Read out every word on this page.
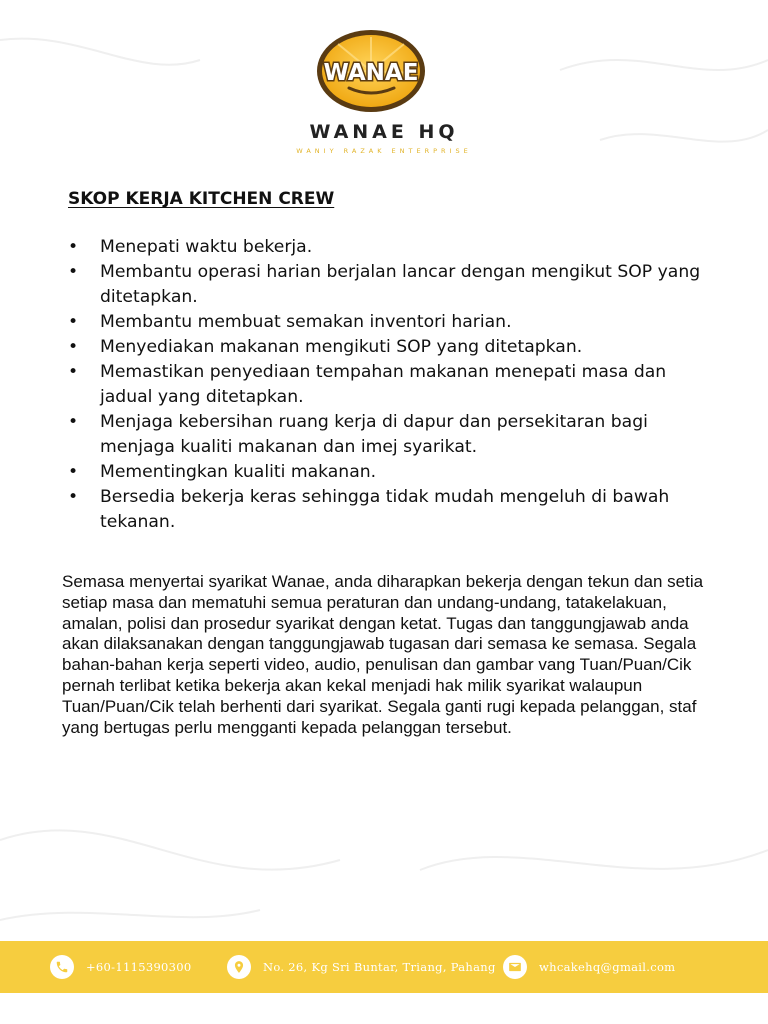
WANAE
WANAE HQ
WANIY RAZAK ENTERPRISE
SKOP KERJA KITCHEN CREW
• Menepati waktu bekerja.
• Membantu operasi harian berjalan lancar dengan mengikut SOP yang ditetapkan.
• Membantu membuat semakan inventori harian.
• Menyediakan makanan mengikuti SOP yang ditetapkan.
• Memastikan penyediaan tempahan makanan menepati masa dan jadual yang ditetapkan.
• Menjaga kebersihan ruang kerja di dapur dan persekitaran bagi menjaga kualiti makanan dan imej syarikat.
• Mementingkan kualiti makanan.
• Bersedia bekerja keras sehingga tidak mudah mengeluh di bawah tekanan.
Semasa menyertai syarikat Wanae, anda diharapkan bekerja dengan tekun dan setia setiap masa dan mematuhi semua peraturan dan undang-undang, tatakelakuan, amalan, polisi dan prosedur syarikat dengan ketat. Tugas dan tanggungjawab anda akan dilaksanakan dengan tanggungjawab tugasan dari semasa ke semasa. Segala bahan-bahan kerja seperti video, audio, penulisan dan gambar vang Tuan/Puan/Cik pernah terlibat ketika bekerja akan kekal menjadi hak milik syarikat walaupun Tuan/Puan/Cik telah berhenti dari syarikat. Segala ganti rugi kepada pelanggan, staf yang bertugas perlu mengganti kepada pelanggan tersebut.
+60-1115390300	No. 26, Kg Sri Buntar, Triang, Pahang	whcakehq@gmail.com
